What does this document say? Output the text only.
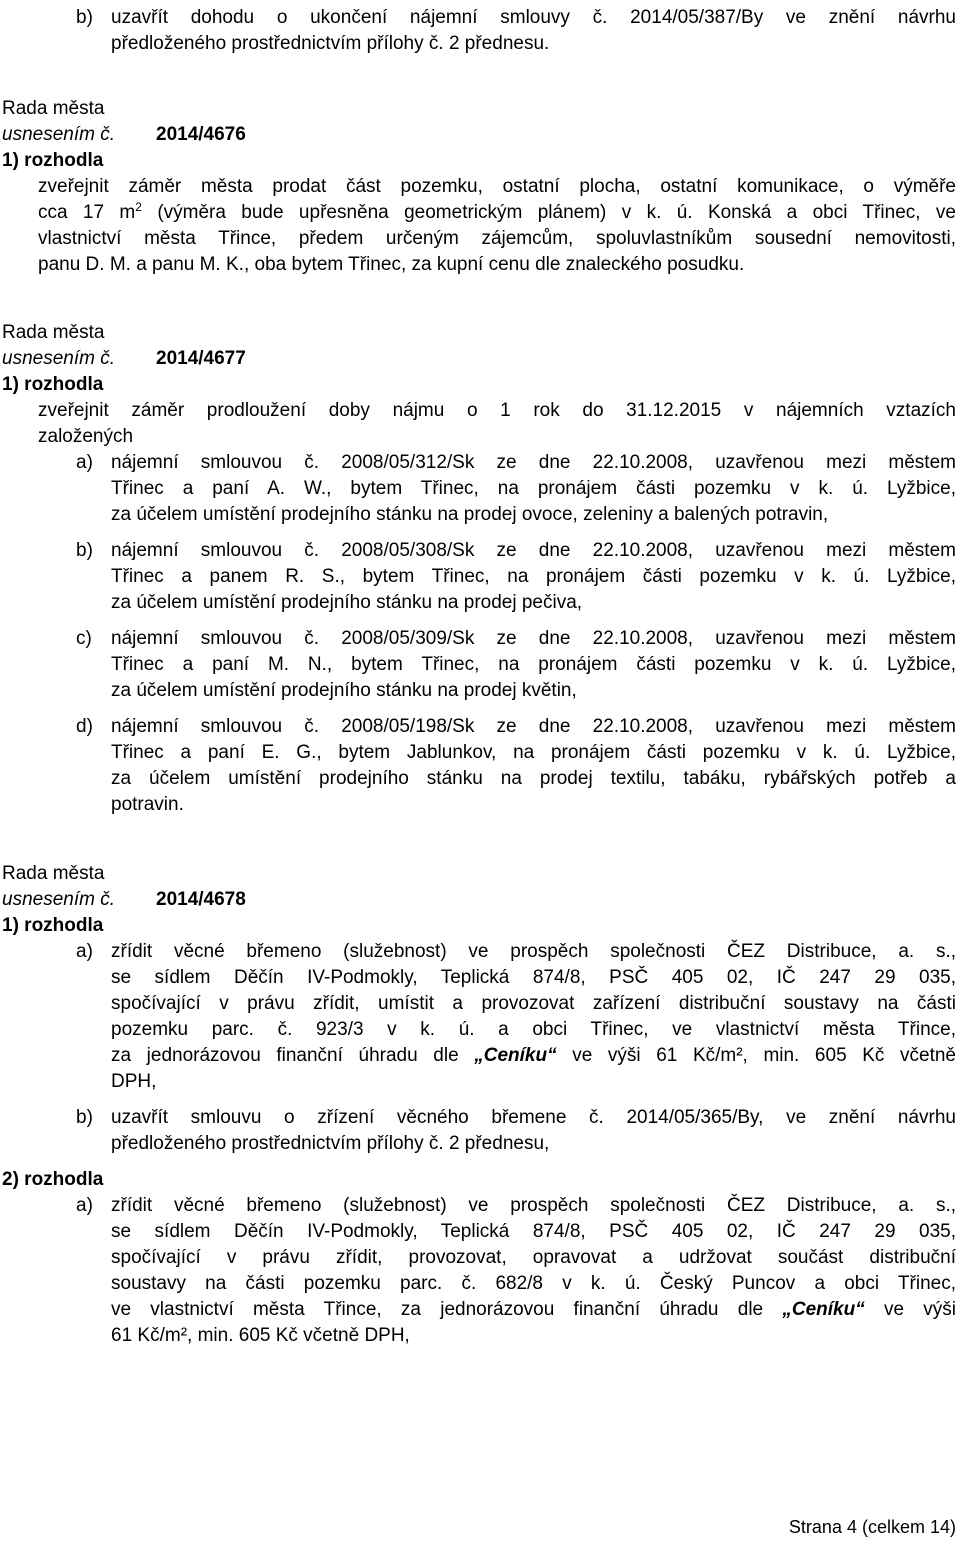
b) uzavřít dohodu o ukončení nájemní smlouvy č. 2014/05/387/By ve znění návrhu
předloženého prostřednictvím přílohy č. 2 přednesu.
Rada města
usnesením č. 2014/4676
1) rozhodla
zveřejnit záměr města prodat část pozemku, ostatní plocha, ostatní komunikace, o výměře
cca 17 $m^2$ (výměra bude upřesněna geometrickým plánem) v k. ú. Konská a obci Třinec, ve
vlastnictví města Třince, předem určeným zájemcům, spoluvlastníkům sousední nemovitosti,
panu D. M. a panu M. K., oba bytem Třinec, za kupní cenu dle znaleckého posudku.
Rada města
usnesením č. 2014/4677
1) rozhodla
zveřejnit záměr prodloužení doby nájmu o 1 rok do 31.12.2015 v nájemních vztazích
založených
a) nájemní smlouvou č. 2008/05/312/Sk ze dne 22.10.2008, uzavřenou mezi městem
Třinec a paní A. W., bytem Třinec, na pronájem části pozemku v k. ú. Lyžbice,
za účelem umístění prodejního stánku na prodej ovoce, zeleniny a balených potravin,
b) nájemní smlouvou č. 2008/05/308/Sk ze dne 22.10.2008, uzavřenou mezi městem
Třinec a panem R. S., bytem Třinec, na pronájem části pozemku v k. ú. Lyžbice,
za účelem umístění prodejního stánku na prodej pečiva,
c) nájemní smlouvou č. 2008/05/309/Sk ze dne 22.10.2008, uzavřenou mezi městem
Třinec a paní M. N., bytem Třinec, na pronájem části pozemku v k. ú. Lyžbice,
za účelem umístění prodejního stánku na prodej květin,
d) nájemní smlouvou č. 2008/05/198/Sk ze dne 22.10.2008, uzavřenou mezi městem
Třinec a paní E. G., bytem Jablunkov, na pronájem části pozemku v k. ú. Lyžbice,
za účelem umístění prodejního stánku na prodej textilu, tabáku, rybářských potřeb a
potravin.
Rada města
usnesením č. 2014/4678
1) rozhodla
a) zřídit věcné břemeno (služebnost) ve prospěch společnosti ČEZ Distribuce, a. s.,
se sídlem Děčín IV-Podmokly, Teplická 874/8, PSČ 405 02, IČ 247 29 035,
spočívající v právu zřídit, umístit a provozovat zařízení distribuční soustavy na části
pozemku parc. č. 923/3 v k. ú. a obci Třinec, ve vlastnictví města Třince,
za jednorázovou finanční úhradu dle „Ceníku“ ve výši 61 Kč/m², min. 605 Kč včetně
DPH,
b) uzavřít smlouvu o zřízení věcného břemene č. 2014/05/365/By, ve znění návrhu
předloženého prostřednictvím přílohy č. 2 přednesu,
2) rozhodla
a) zřídit věcné břemeno (služebnost) ve prospěch společnosti ČEZ Distribuce, a. s.,
se sídlem Děčín IV-Podmokly, Teplická 874/8, PSČ 405 02, IČ 247 29 035,
spočívající v právu zřídit, provozovat, opravovat a udržovat součást distribuční
soustavy na části pozemku parc. č. 682/8 v k. ú. Český Puncov a obci Třinec,
ve vlastnictví města Třince, za jednorázovou finanční úhradu dle „Ceníku“ ve výši
61 Kč/m², min. 605 Kč včetně DPH,
Strana 4 (celkem 14)
